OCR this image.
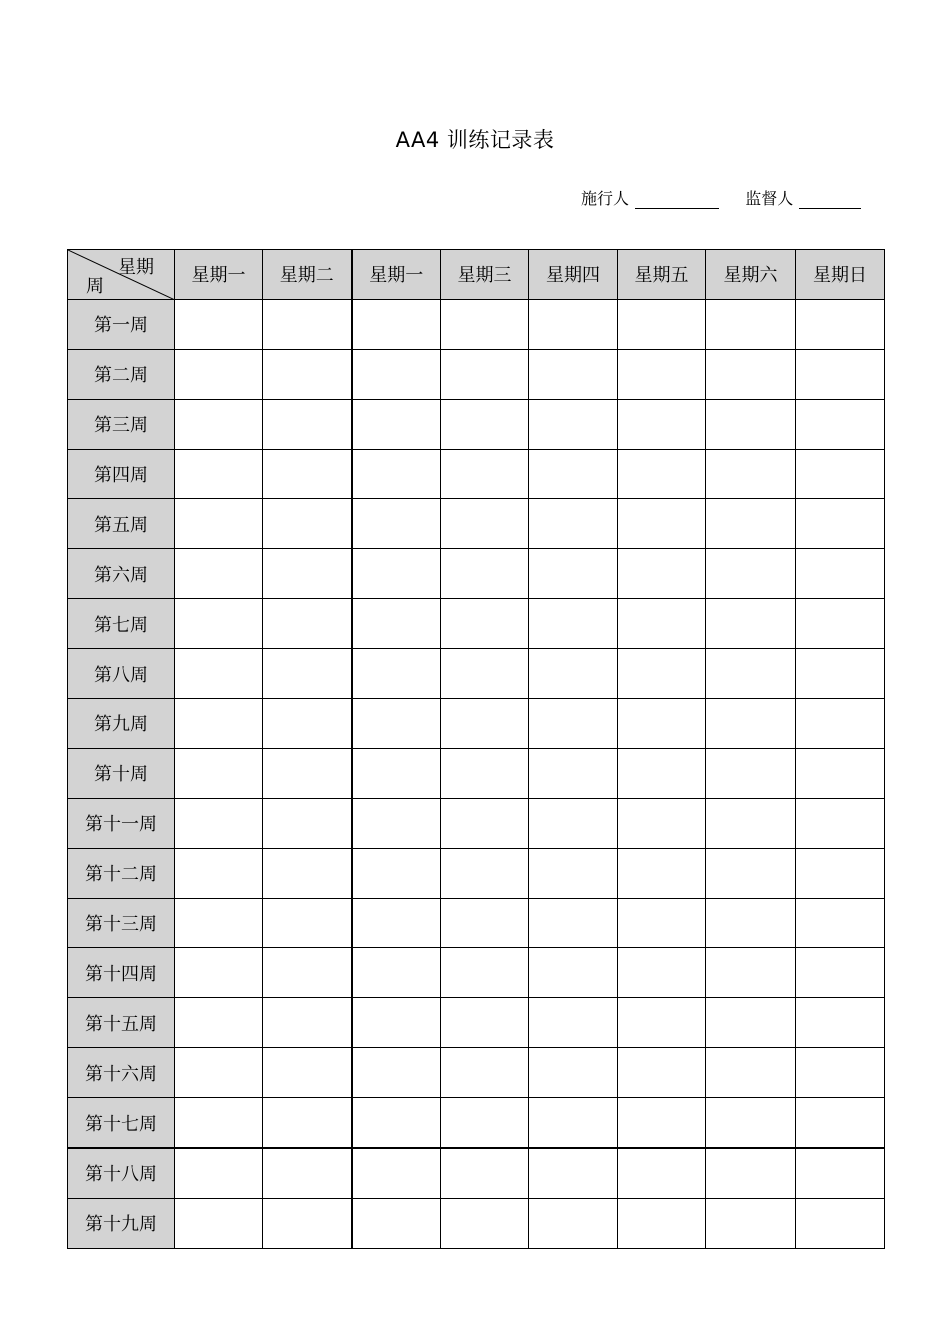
AA4 训练记录表
施行人	监督人
星期
周	星期一	星期二	星期一	星期三	星期四	星期五	星期六	星期日
第一周								
第二周								
第三周								
第四周								
第五周								
第六周								
第七周								
第八周								
第九周								
第十周								
第十一周								
第十二周								
第十三周								
第十四周								
第十五周								
第十六周								
第十七周								
第十八周								
第十九周								
